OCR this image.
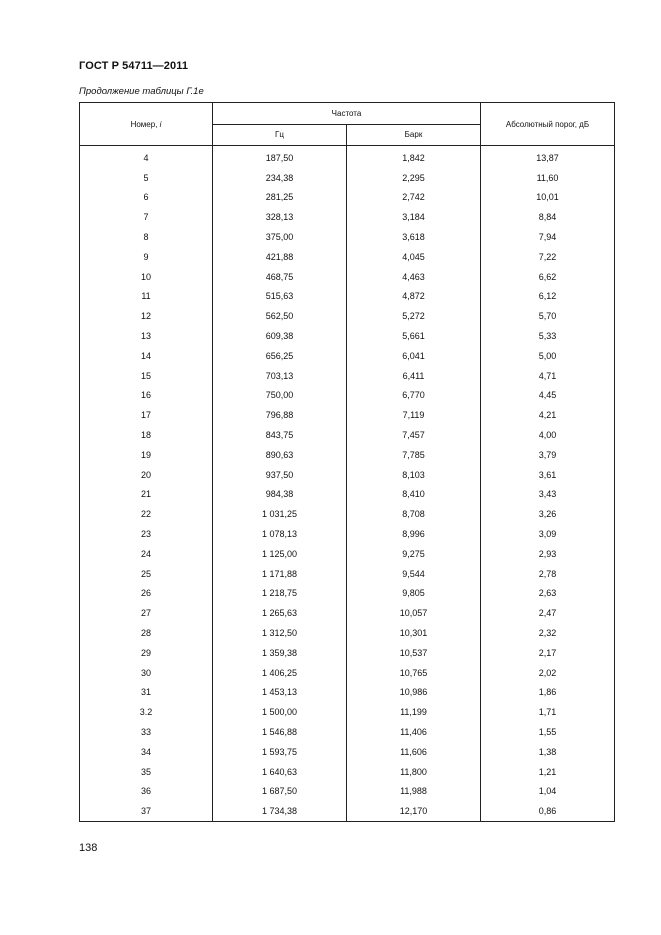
ГОСТ Р 54711—2011
Продолжение таблицы Г.1е
Номер, i	Частота		Абсолютный порог, дБ
	Гц	Барк	
4	187,50	1,842	13,87
5	234,38	2,295	11,60
6	281,25	2,742	10,01
7	328,13	3,184	8,84
8	375,00	3,618	7,94
9	421,88	4,045	7,22
10	468,75	4,463	6,62
11	515,63	4,872	6,12
12	562,50	5,272	5,70
13	609,38	5,661	5,33
14	656,25	6,041	5,00
15	703,13	6,411	4,71
16	750,00	6,770	4,45
17	796,88	7,119	4,21
18	843,75	7,457	4,00
19	890,63	7,785	3,79
20	937,50	8,103	3,61
21	984,38	8,410	3,43
22	1 031,25	8,708	3,26
23	1 078,13	8,996	3,09
24	1 125,00	9,275	2,93
25	1 171,88	9,544	2,78
26	1 218,75	9,805	2,63
27	1 265,63	10,057	2,47
28	1 312,50	10,301	2,32
29	1 359,38	10,537	2,17
30	1 406,25	10,765	2,02
31	1 453,13	10,986	1,86
3.2	1 500,00	11,199	1,71
33	1 546,88	11,406	1,55
34	1 593,75	11,606	1,38
35	1 640,63	11,800	1,21
36	1 687,50	11,988	1,04
37	1 734,38	12,170	0,86
138
